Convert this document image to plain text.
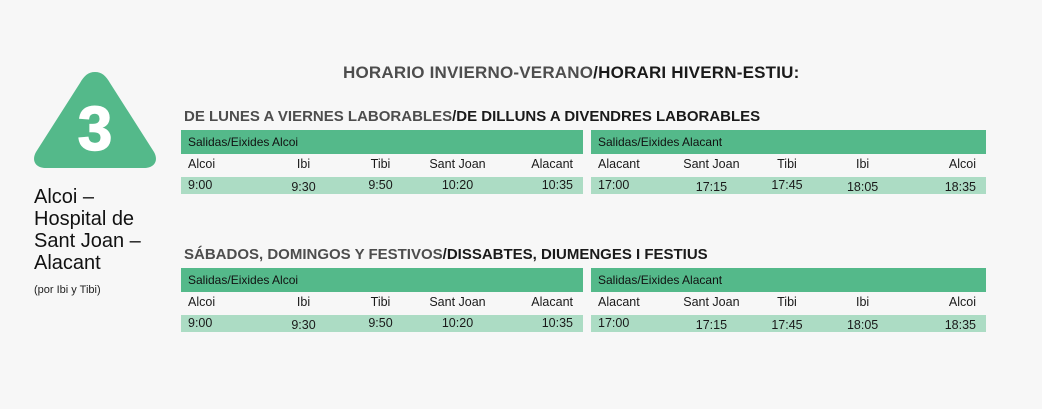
3
Alcoi –
Hospital de
Sant Joan –
Alacant
(por Ibi y Tibi)
HORARIO INVIERNO-VERANO/HORARI HIVERN-ESTIU:
DE LUNES A VIERNES LABORABLES/DE DILLUNS A DIVENDRES LABORABLES
Salidas/Eixides Alcoi
Alcoi	Ibi	Tibi	Sant Joan	Alacant
9:00	9:30	9:50	10:20	10:35
Salidas/Eixides Alacant
Alacant	Sant Joan	Tibi	Ibi	Alcoi
17:00	17:15	17:45	18:05	18:35
SÁBADOS, DOMINGOS Y FESTIVOS/DISSABTES, DIUMENGES I FESTIUS
Salidas/Eixides Alcoi
Alcoi	Ibi	Tibi	Sant Joan	Alacant
9:00	9:30	9:50	10:20	10:35
Salidas/Eixides Alacant
Alacant	Sant Joan	Tibi	Ibi	Alcoi
17:00	17:15	17:45	18:05	18:35
